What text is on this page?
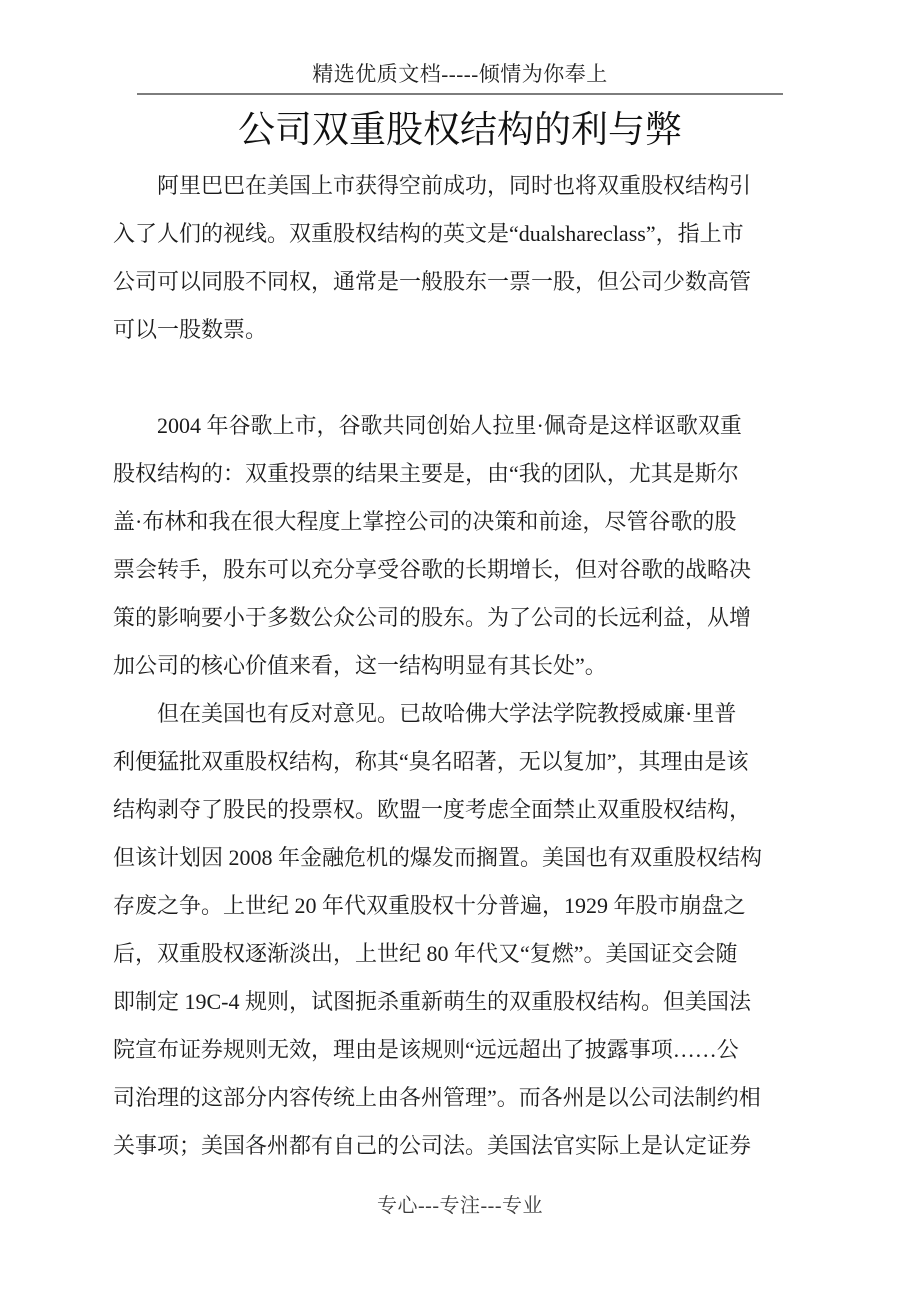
精选优质文档-----倾情为你奉上
公司双重股权结构的利与弊
阿里巴巴在美国上市获得空前成功，同时也将双重股权结构引
入了人们的视线。双重股权结构的英文是“dualshareclass”，指上市
公司可以同股不同权，通常是一般股东一票一股，但公司少数高管
可以一股数票。
2004 年谷歌上市，谷歌共同创始人拉里·佩奇是这样讴歌双重
股权结构的：双重投票的结果主要是，由“我的团队，尤其是斯尔
盖·布林和我在很大程度上掌控公司的决策和前途，尽管谷歌的股
票会转手，股东可以充分享受谷歌的长期增长，但对谷歌的战略决
策的影响要小于多数公众公司的股东。为了公司的长远利益，从增
加公司的核心价值来看，这一结构明显有其长处”。
但在美国也有反对意见。已故哈佛大学法学院教授威廉·里普
利便猛批双重股权结构，称其“臭名昭著，无以复加”，其理由是该
结构剥夺了股民的投票权。欧盟一度考虑全面禁止双重股权结构，
但该计划因 2008 年金融危机的爆发而搁置。美国也有双重股权结构
存废之争。上世纪 20 年代双重股权十分普遍，1929 年股市崩盘之
后，双重股权逐渐淡出，上世纪 80 年代又“复燃”。美国证交会随
即制定 19C-4 规则，试图扼杀重新萌生的双重股权结构。但美国法
院宣布证券规则无效，理由是该规则“远远超出了披露事项……公
司治理的这部分内容传统上由各州管理”。而各州是以公司法制约相
关事项；美国各州都有自己的公司法。美国法官实际上是认定证券
专心---专注---专业
